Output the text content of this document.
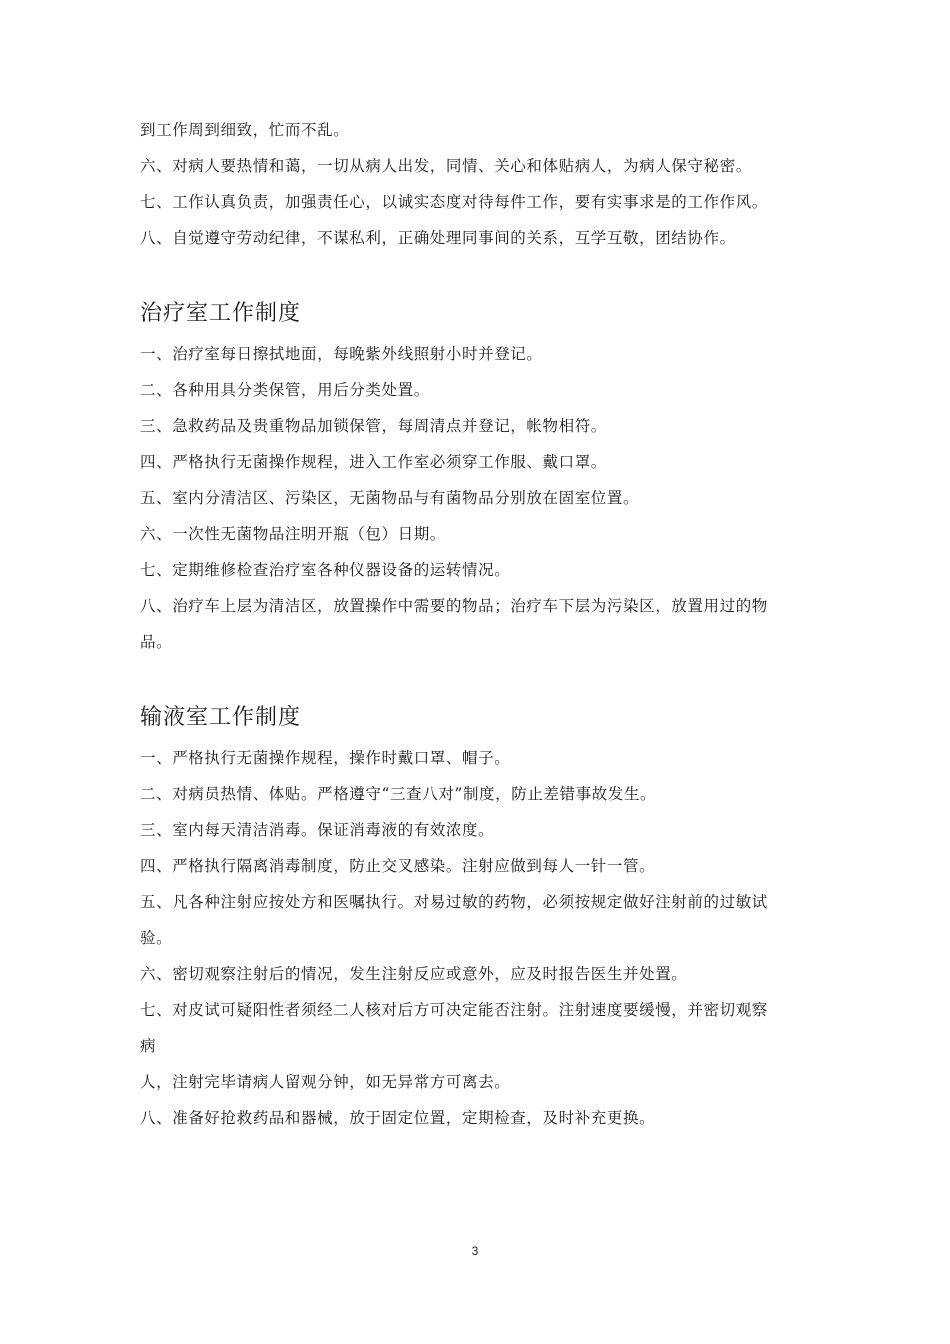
到工作周到细致，忙而不乱。

六、对病人要热情和蔼，一切从病人出发，同情、关心和体贴病人，为病人保守秘密。

七、工作认真负责，加强责任心，以诚实态度对待每件工作，要有实事求是的工作作风。

八、自觉遵守劳动纪律，不谋私利，正确处理同事间的关系，互学互敬，团结协作。

治疗室工作制度

一、治疗室每日擦拭地面，每晚紫外线照射小时并登记。

二、各种用具分类保管，用后分类处置。

三、急救药品及贵重物品加锁保管，每周清点并登记，帐物相符。

四、严格执行无菌操作规程，进入工作室必须穿工作服、戴口罩。

五、室内分清洁区、污染区，无菌物品与有菌物品分别放在固室位置。

六、一次性无菌物品注明开瓶（包）日期。

七、定期维修检查治疗室各种仪器设备的运转情况。

八、治疗车上层为清洁区，放置操作中需要的物品；治疗车下层为污染区，放置用过的物

品。

输液室工作制度

一、严格执行无菌操作规程，操作时戴口罩、帽子。

二、对病员热情、体贴。严格遵守“三查八对”制度，防止差错事故发生。

三、室内每天清洁消毒。保证消毒液的有效浓度。

四、严格执行隔离消毒制度，防止交叉感染。注射应做到每人一针一管。

五、凡各种注射应按处方和医嘱执行。对易过敏的药物，必须按规定做好注射前的过敏试

验。

六、密切观察注射后的情况，发生注射反应或意外，应及时报告医生并处置。

七、对皮试可疑阳性者须经二人核对后方可决定能否注射。注射速度要缓慢，并密切观察

病

人，注射完毕请病人留观分钟，如无异常方可离去。

八、准备好抢救药品和器械，放于固定位置，定期检查，及时补充更换。

3
